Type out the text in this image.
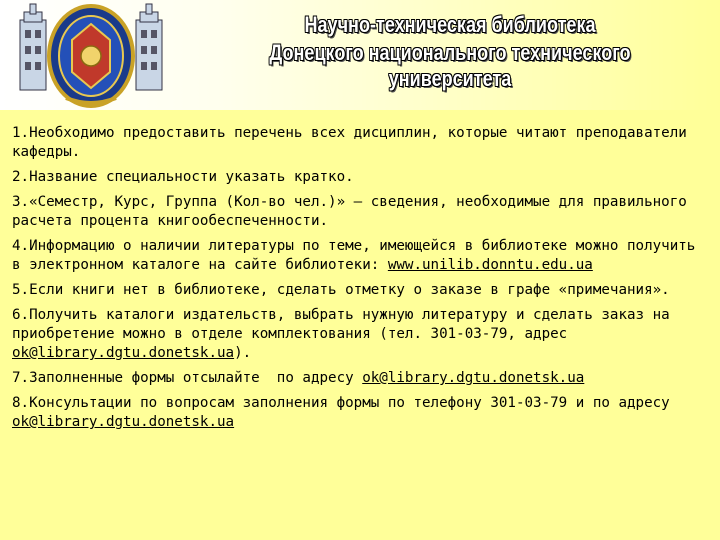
Научно-техническая библиотека
Донецкого национального технического университета
1.Необходимо предоставить перечень всех дисциплин, которые читают преподаватели кафедры.
2.Название специальности указать кратко.
3.«Семестр, Курс, Группа (Кол-во чел.)» – сведения, необходимые для правильного расчета процента книгообеспеченности.
4.Информацию о наличии литературы по теме, имеющейся в библиотеке можно получить в электронном каталоге на сайте библиотеки: www.unilib.donntu.edu.ua
5.Если книги нет в библиотеке, сделать отметку о заказе в графе «примечания».
6.Получить каталоги издательств, выбрать нужную литературу и сделать заказ на приобретение можно в отделе комплектования (тел. 301-03-79, адрес ok@library.dgtu.donetsk.ua).
7.Заполненные формы отсылайте  по адресу ok@library.dgtu.donetsk.ua
8.Консультации по вопросам заполнения формы по телефону 301-03-79 и по адресу ok@library.dgtu.donetsk.ua
